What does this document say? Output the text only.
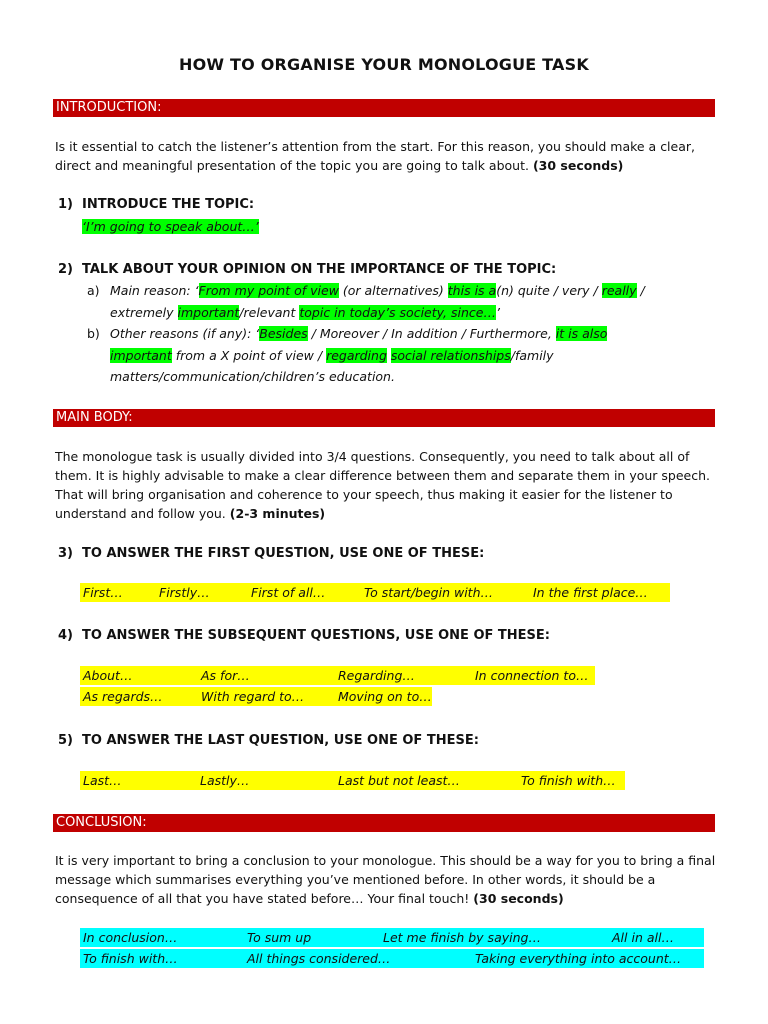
HOW TO ORGANISE YOUR MONOLOGUE TASK
INTRODUCTION:
Is it essential to catch the listener’s attention from the start. For this reason, you should make a clear, direct and meaningful presentation of the topic you are going to talk about. (30 seconds)
1) INTRODUCE THE TOPIC:
‘I’m going to speak about…’
2) TALK ABOUT YOUR OPINION ON THE IMPORTANCE OF THE TOPIC:
a) Main reason: ‘From my point of view (or alternatives) this is a(n) quite / very / really /
extremely important/relevant topic in today’s society, since…’
b) Other reasons (if any): ‘Besides / Moreover / In addition / Furthermore, it is also
important from a X point of view / regarding social relationships/family
matters/communication/children’s education.
MAIN BODY:
The monologue task is usually divided into 3/4 questions. Consequently, you need to talk about all of them. It is highly advisable to make a clear difference between them and separate them in your speech. That will bring organisation and coherence to your speech, thus making it easier for the listener to understand and follow you. (2-3 minutes)
3) TO ANSWER THE FIRST QUESTION, USE ONE OF THESE:
First…	Firstly…	First of all…	To start/begin with…	In the first place…
4) TO ANSWER THE SUBSEQUENT QUESTIONS, USE ONE OF THESE:
About…	As for…	Regarding…	In connection to…
As regards…	With regard to…	Moving on to…
5) TO ANSWER THE LAST QUESTION, USE ONE OF THESE:
Last…	Lastly…	Last but not least…	To finish with…
CONCLUSION:
It is very important to bring a conclusion to your monologue. This should be a way for you to bring a final message which summarises everything you’ve mentioned before. In other words, it should be a consequence of all that you have stated before… Your final touch! (30 seconds)
In conclusion…	To sum up	Let me finish by saying…	All in all…
To finish with…	All things considered…	Taking everything into account…
